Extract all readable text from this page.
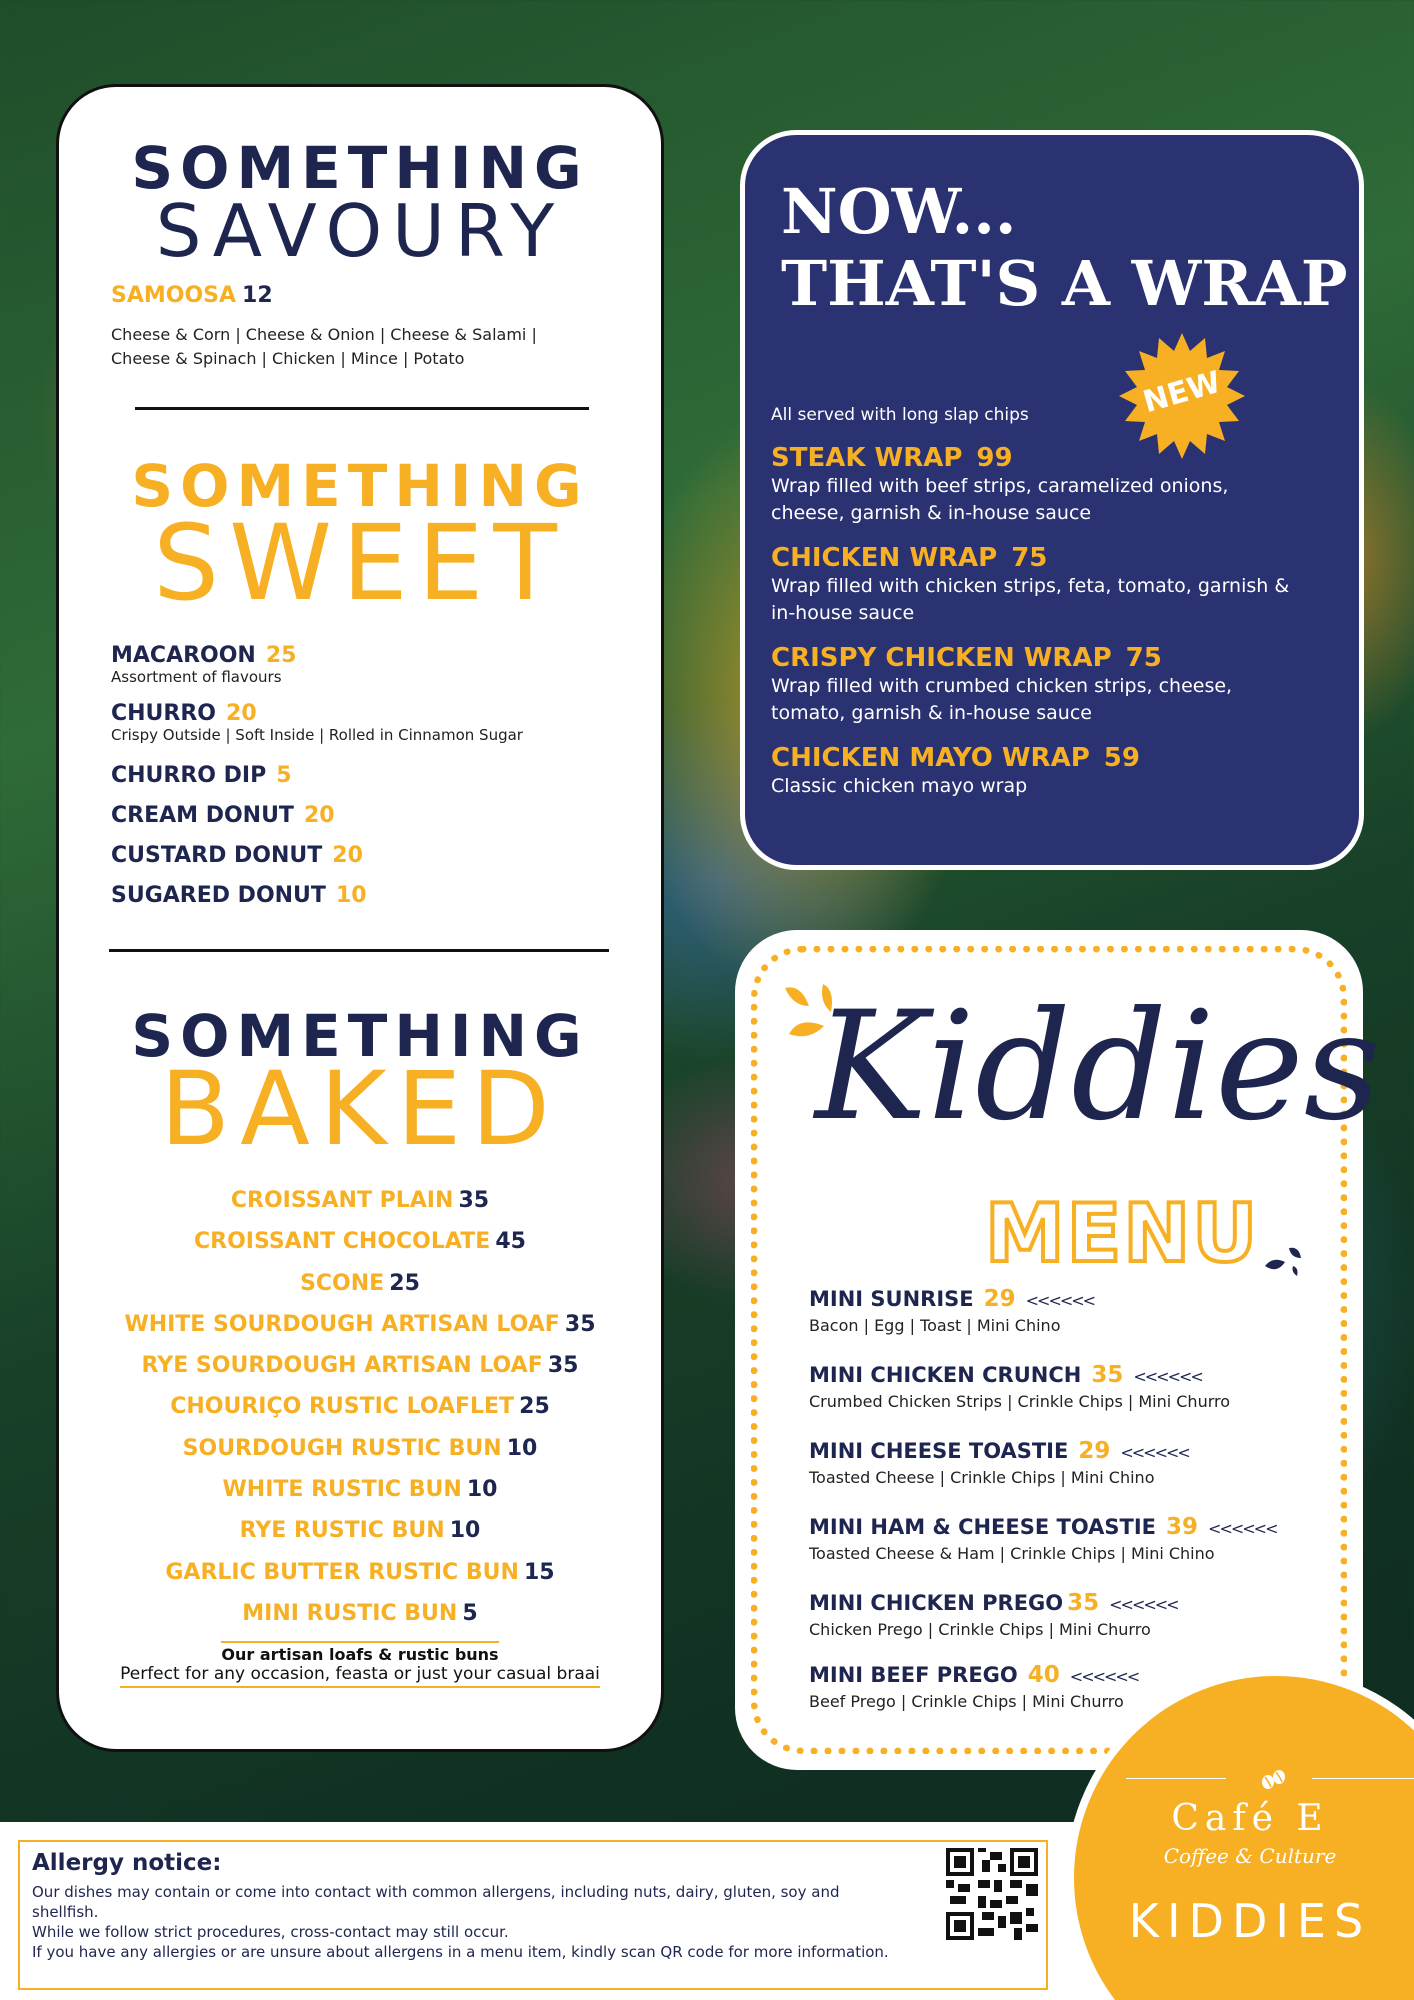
SOMETHING
SAVOURY
SAMOOSA 12
Cheese & Corn | Cheese & Onion | Cheese & Salami |
Cheese & Spinach | Chicken | Mince | Potato
SOMETHING
SWEET
MACAROON 25
Assortment of flavours
CHURRO 20
Crispy Outside | Soft Inside | Rolled in Cinnamon Sugar
CHURRO DIP 5
CREAM DONUT 20
CUSTARD DONUT 20
SUGARED DONUT 10
SOMETHING
BAKED
CROISSANT PLAIN 35
CROISSANT CHOCOLATE 45
SCONE 25
WHITE SOURDOUGH ARTISAN LOAF 35
RYE SOURDOUGH ARTISAN LOAF 35
CHOURIÇO RUSTIC LOAFLET 25
SOURDOUGH RUSTIC BUN 10
WHITE RUSTIC BUN 10
RYE RUSTIC BUN 10
GARLIC BUTTER RUSTIC BUN 15
MINI RUSTIC BUN 5
Our artisan loafs & rustic buns Perfect for any occasion, feasta or just your casual braai
NOW...
THAT'S A WRAP
NEW
All served with long slap chips
STEAK WRAP 99
Wrap filled with beef strips, caramelized onions,
cheese, garnish & in-house sauce
CHICKEN WRAP 75
Wrap filled with chicken strips, feta, tomato, garnish &
in-house sauce
CRISPY CHICKEN WRAP 75
Wrap filled with crumbed chicken strips, cheese,
tomato, garnish & in-house sauce
CHICKEN MAYO WRAP 59
Classic chicken mayo wrap
Kiddies
MENU
MINI SUNRISE 29 <<<<<<
Bacon | Egg | Toast | Mini Chino
MINI CHICKEN CRUNCH 35 <<<<<<
Crumbed Chicken Strips | Crinkle Chips | Mini Churro
MINI CHEESE TOASTIE 29 <<<<<<
Toasted Cheese | Crinkle Chips | Mini Chino
MINI HAM & CHEESE TOASTIE 39 <<<<<<
Toasted Cheese & Ham | Crinkle Chips | Mini Chino
MINI CHICKEN PREGO 35 <<<<<<
Chicken Prego | Crinkle Chips | Mini Churro
MINI BEEF PREGO 40 <<<<<<
Beef Prego | Crinkle Chips | Mini Churro
Allergy notice:
Our dishes may contain or come into contact with common allergens, including nuts, dairy, gluten, soy and
shellfish.
While we follow strict procedures, cross-contact may still occur.
If you have any allergies or are unsure about allergens in a menu item, kindly scan QR code for more information.
Café E
Coffee & Culture
KIDDIES
